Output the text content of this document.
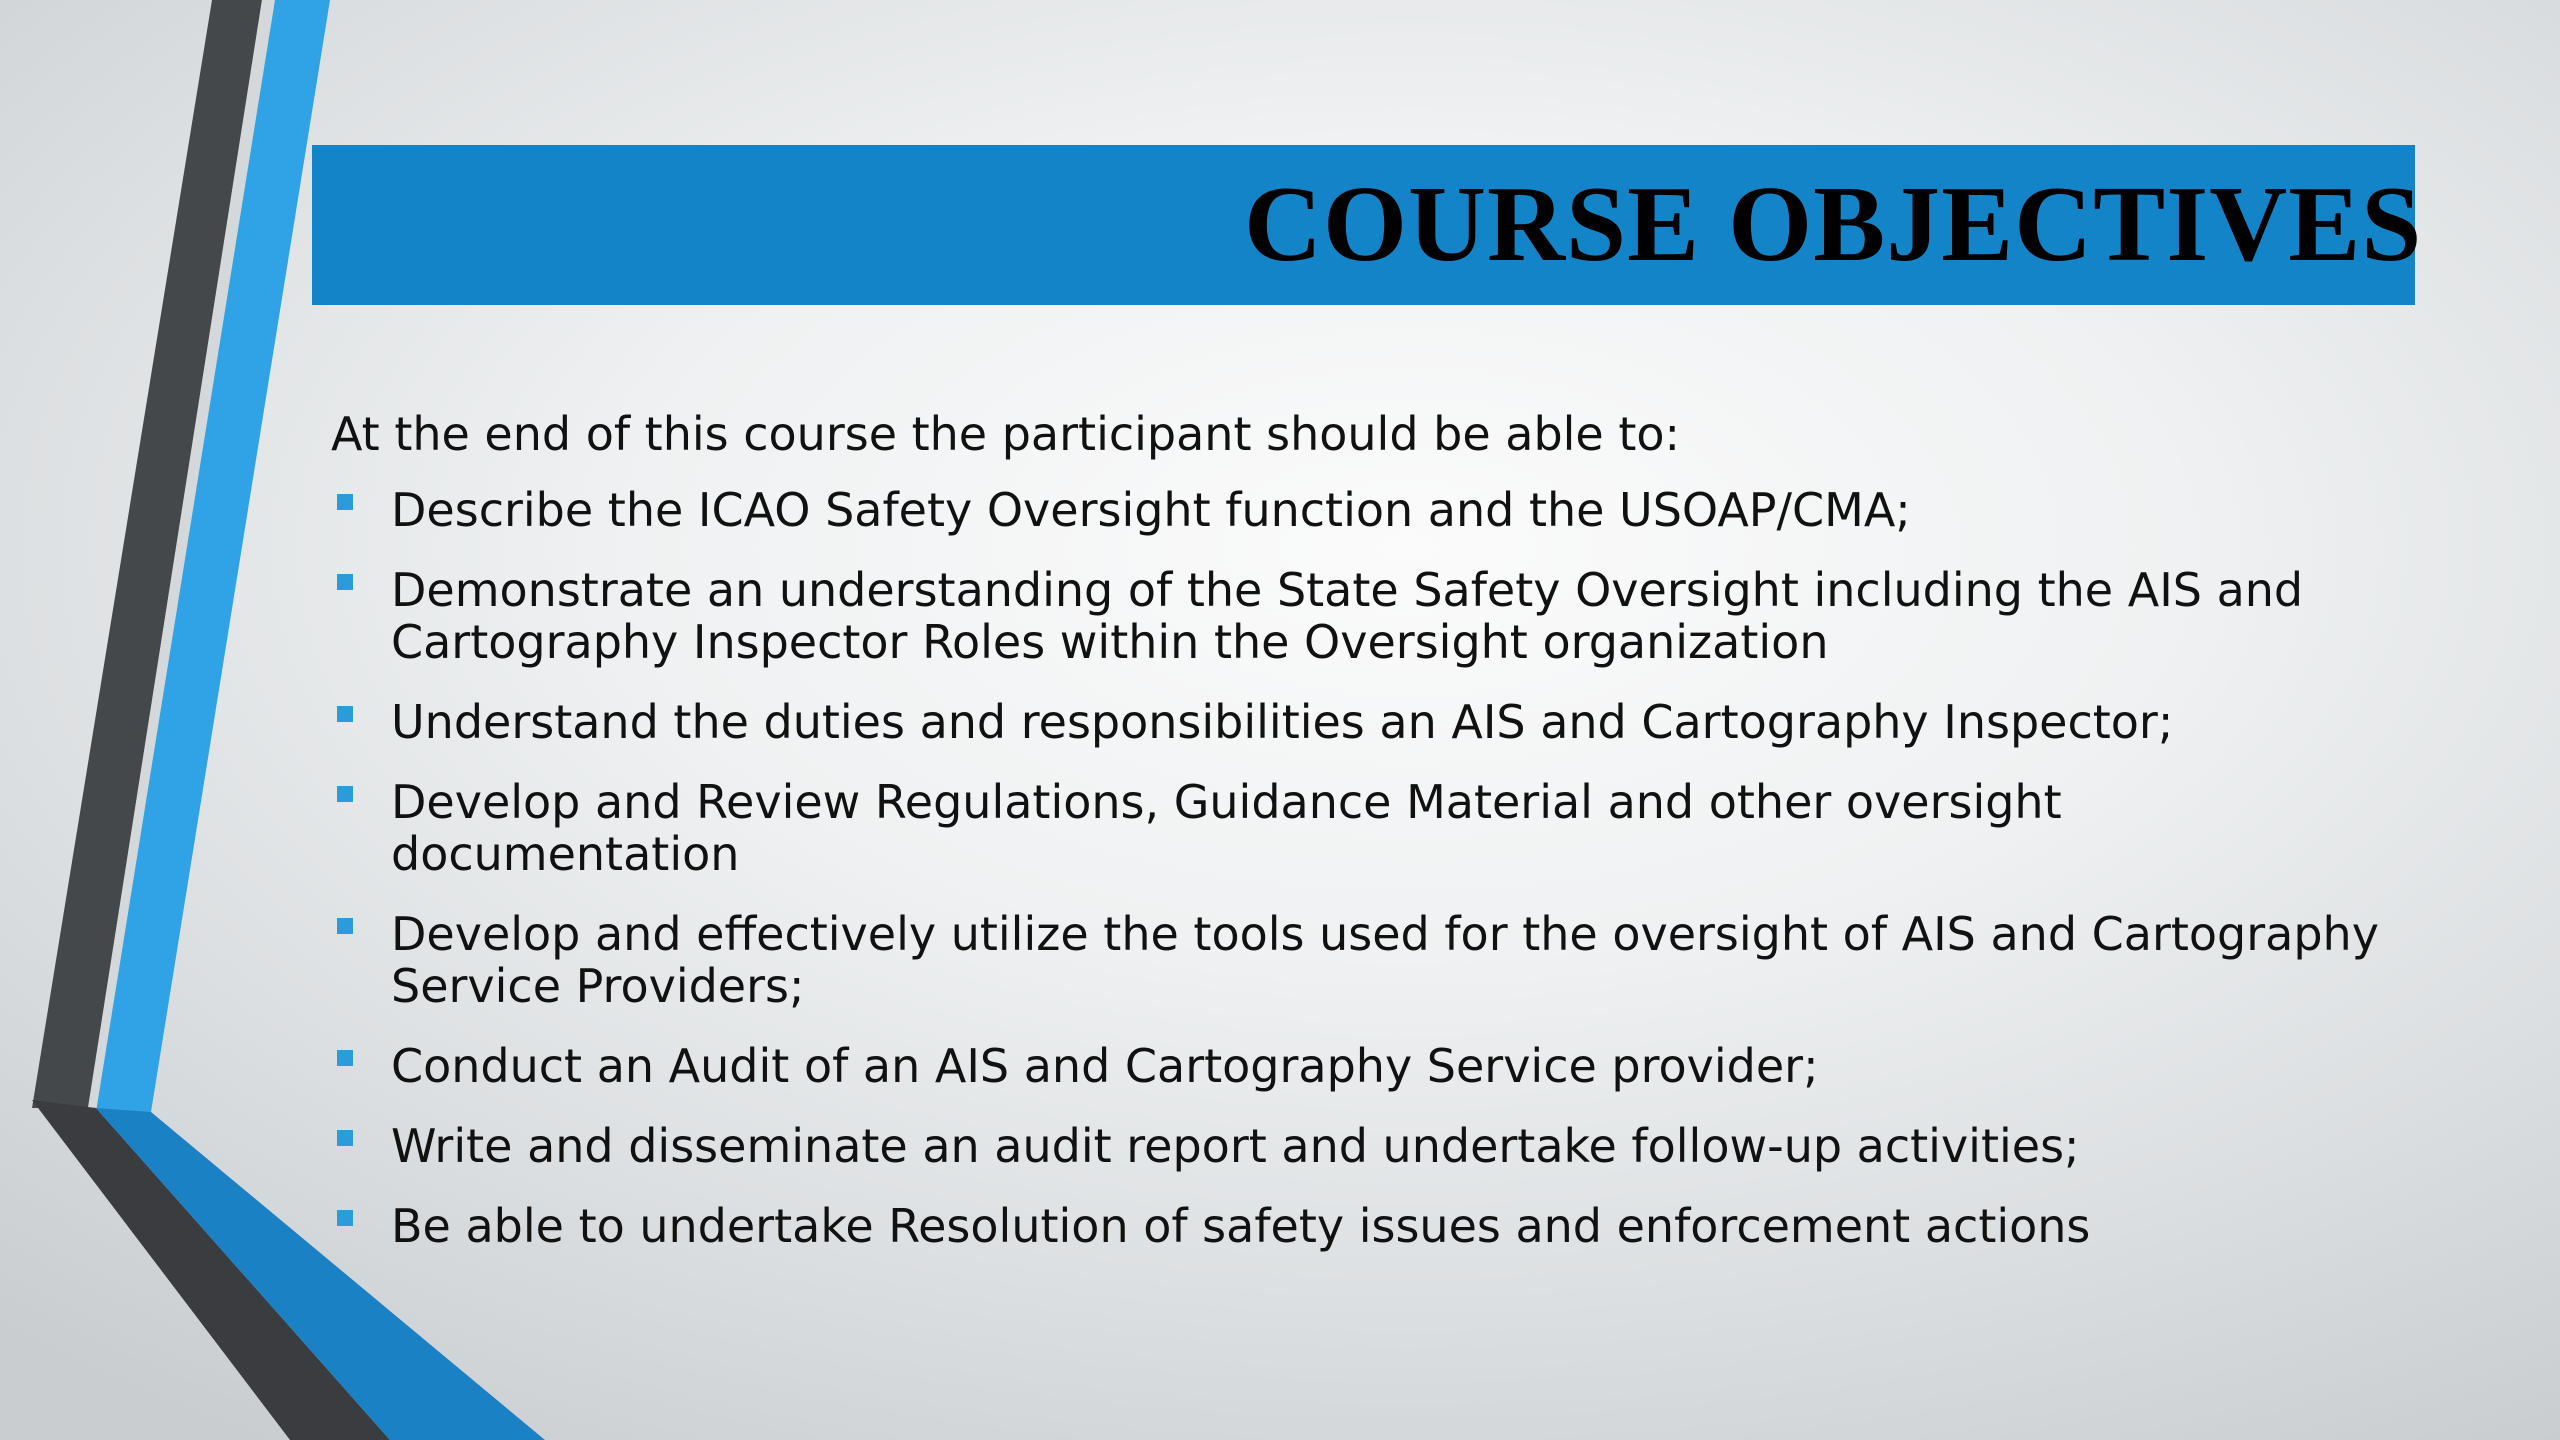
COURSE OBJECTIVES

At the end of this course the participant should be able to:

Describe the ICAO Safety Oversight function and the USOAP/CMA;
Demonstrate an understanding of the State Safety Oversight including the AIS and Cartography Inspector Roles within the Oversight organization
Understand the duties and responsibilities an AIS and Cartography Inspector;
Develop and Review Regulations, Guidance Material and other oversight documentation
Develop and effectively utilize the tools used for the oversight of AIS and Cartography Service Providers;
Conduct an Audit of an AIS and Cartography Service provider;
Write and disseminate an audit report and undertake follow-up activities;
Be able to undertake Resolution of safety issues and enforcement actions
